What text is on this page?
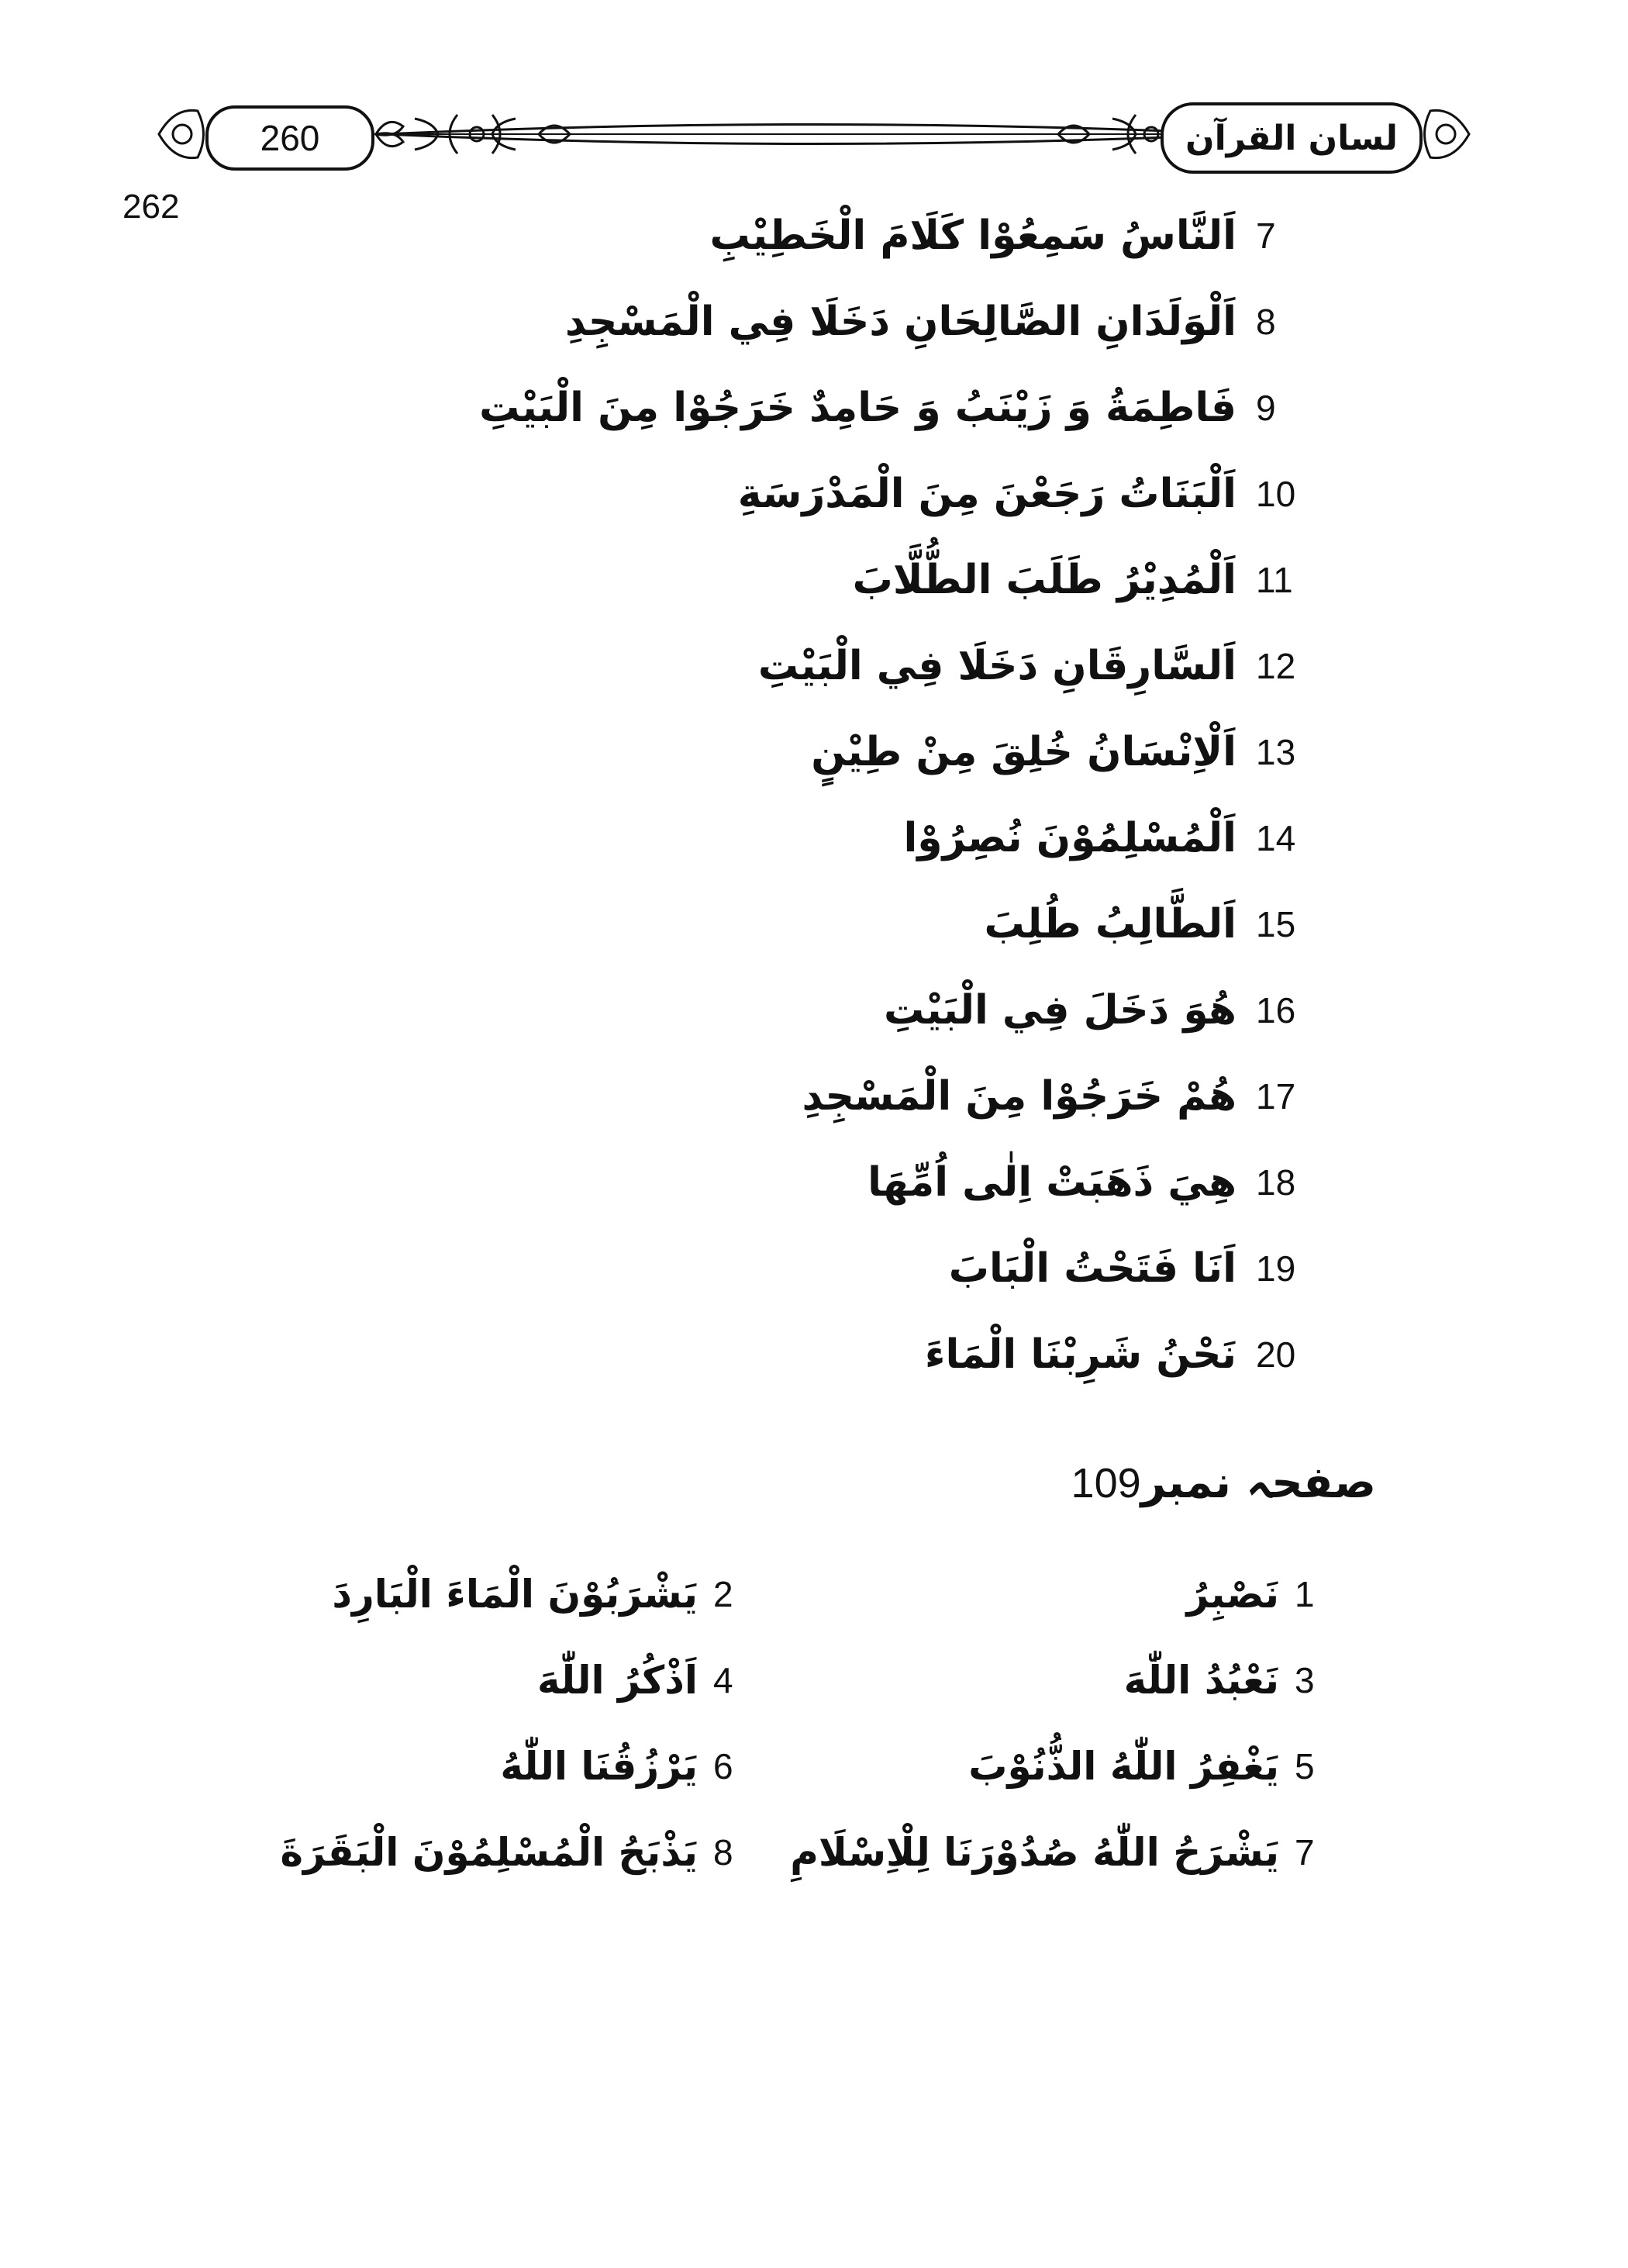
260	لسان القرآن
262
7
اَلنَّاسُ سَمِعُوْا كَلَامَ الْخَطِيْبِ
8
اَلْوَلَدَانِ الصَّالِحَانِ دَخَلَا فِي الْمَسْجِدِ
9
فَاطِمَةُ وَ زَيْنَبُ وَ حَامِدٌ خَرَجُوْا مِنَ الْبَيْتِ
10
اَلْبَنَاتُ رَجَعْنَ مِنَ الْمَدْرَسَةِ
11
اَلْمُدِيْرُ طَلَبَ الطُّلَّابَ
12
اَلسَّارِقَانِ دَخَلَا فِي الْبَيْتِ
13
اَلْاِنْسَانُ خُلِقَ مِنْ طِيْنٍ
14
اَلْمُسْلِمُوْنَ نُصِرُوْا
15
اَلطَّالِبُ طُلِبَ
16
هُوَ دَخَلَ فِي الْبَيْتِ
17
هُمْ خَرَجُوْا مِنَ الْمَسْجِدِ
18
هِيَ ذَهَبَتْ اِلٰى اُمِّهَا
19
اَنَا فَتَحْتُ الْبَابَ
20
نَحْنُ شَرِبْنَا الْمَاءَ
صفحہ نمبر109
1
نَصْبِرُ
2
يَشْرَبُوْنَ الْمَاءَ الْبَارِدَ
3
نَعْبُدُ اللّٰهَ
4
اَذْكُرُ اللّٰهَ
5
يَغْفِرُ اللّٰهُ الذُّنُوْبَ
6
يَرْزُقُنَا اللّٰهُ
7
يَشْرَحُ اللّٰهُ صُدُوْرَنَا لِلْاِسْلَامِ
8
يَذْبَحُ الْمُسْلِمُوْنَ الْبَقَرَةَ
